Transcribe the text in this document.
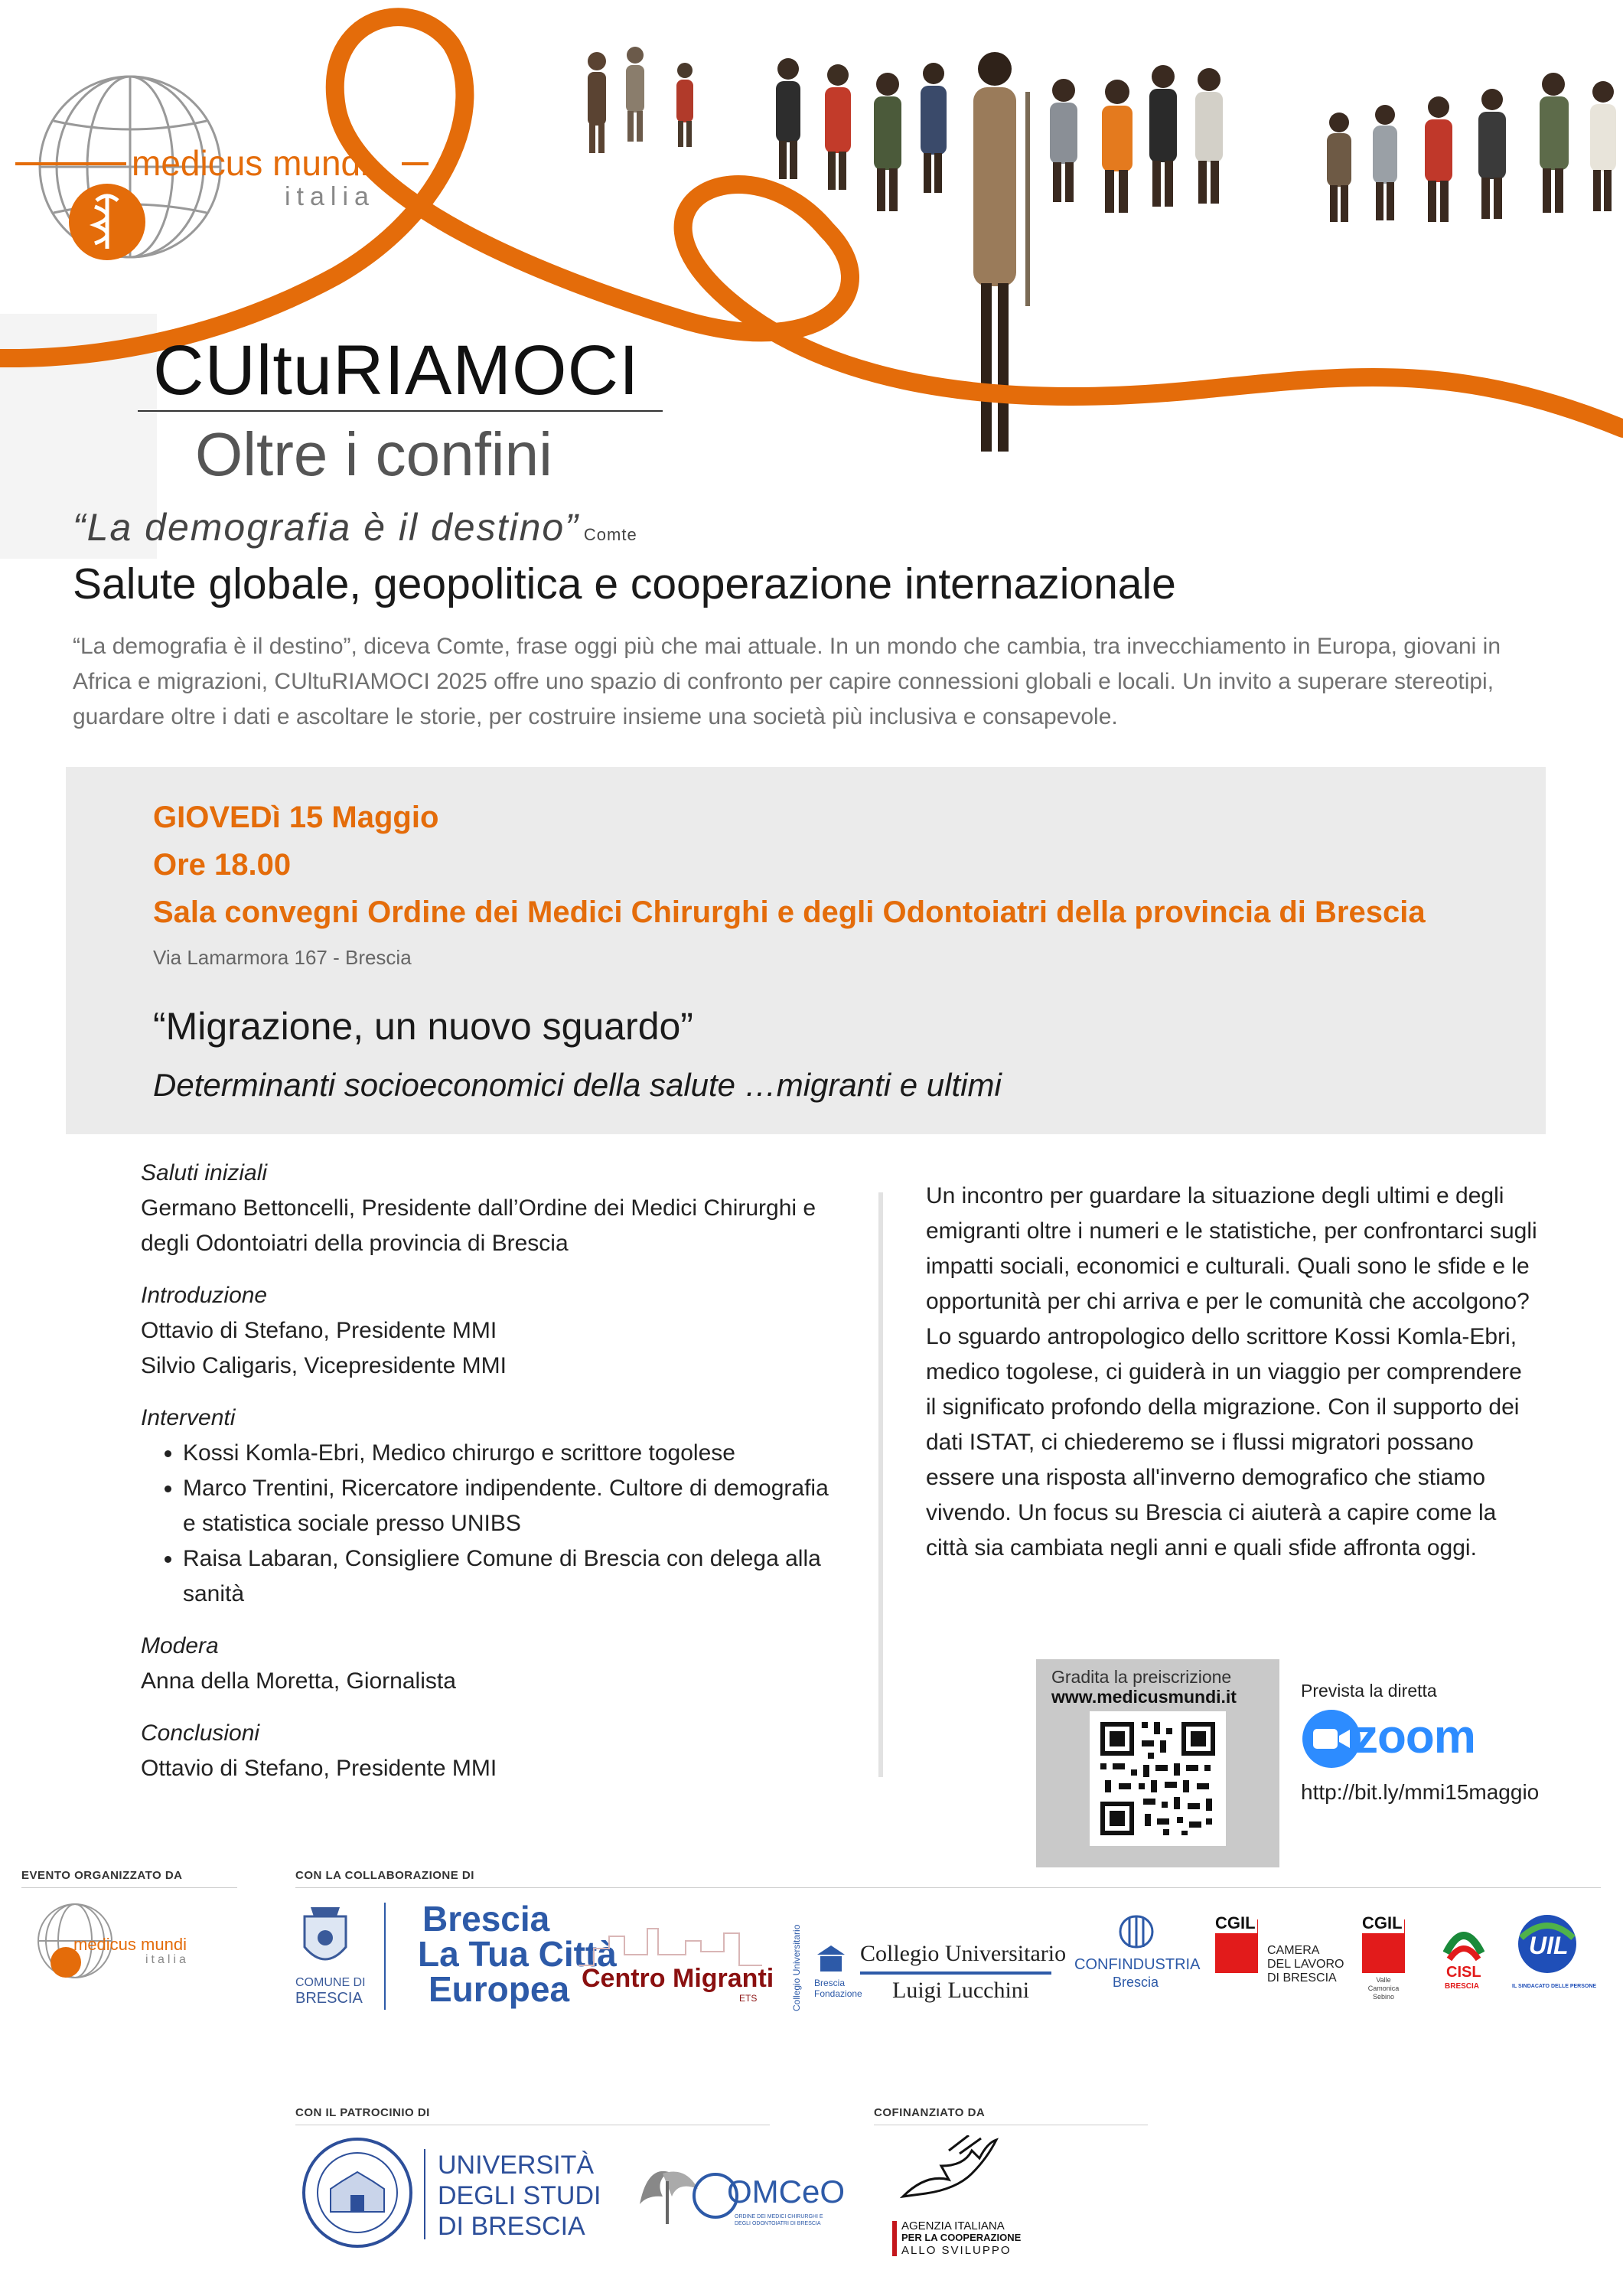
medicus mundi
italia
CUltuRIAMOCI
Oltre i confini
“La demografia è il destino” Comte
Salute globale, geopolitica e cooperazione internazionale
“La demografia è il destino”, diceva Comte, frase oggi più che mai attuale. In un mondo che cambia, tra invecchiamento in Europa, giovani in Africa e migrazioni, CUltuRIAMOCI 2025 offre uno spazio di confronto per capire connessioni globali e locali. Un invito a superare stereotipi, guardare oltre i dati e ascoltare le storie, per costruire insieme una società più inclusiva e consapevole.
GIOVEDì 15 Maggio
Ore 18.00
Sala convegni Ordine dei Medici Chirurghi e degli Odontoiatri della provincia di Brescia
Via Lamarmora 167 - Brescia
“Migrazione, un nuovo sguardo”
Determinanti socioeconomici della salute …migranti e ultimi
Saluti iniziali
Germano Bettoncelli, Presidente dall’Ordine dei Medici Chirurghi e degli Odontoiatri della provincia di Brescia
Introduzione
Ottavio di Stefano, Presidente MMI
Silvio Caligaris, Vicepresidente MMI
Interventi
• Kossi Komla-Ebri, Medico chirurgo e scrittore togolese
• Marco Trentini, Ricercatore indipendente. Cultore di demografia e statistica sociale presso UNIBS
• Raisa Labaran, Consigliere Comune di Brescia con delega alla sanità
Modera
Anna della Moretta, Giornalista
Conclusioni
Ottavio di Stefano, Presidente MMI
Un incontro per guardare la situazione degli ultimi e degli emigranti oltre i numeri e le statistiche, per confrontarci sugli impatti sociali, economici e culturali. Quali sono le sfide e le opportunità per chi arriva e per le comunità che accolgono?
Lo sguardo antropologico dello scrittore Kossi Komla-Ebri, medico togolese, ci guiderà in un viaggio per comprendere il significato profondo della migrazione. Con il supporto dei dati ISTAT, ci chiederemo se i flussi migratori possano essere una risposta all'inverno demografico che stiamo vivendo. Un focus su Brescia ci aiuterà a capire come la città sia cambiata negli anni e quali sfide affronta oggi.
Gradita la preiscrizione
www.medicusmundi.it	Prevista la diretta
zoom
http://bit.ly/mmi15maggio
EVENTO ORGANIZZATO DA	CON LA COLLABORAZIONE DI
medicus mundi
italia
COMUNE DI
BRESCIA
Brescia
La Tua Città
Europea Centro Migranti
ETS	Collegio Universitario Brescia Fondazione
Collegio Universitario
Luigi Lucchini
CONFINDUSTRIA
Brescia
CGIL
CAMERA
DEL LAVORO
DI BRESCIA
CGIL
Valle Camonica Sebino
CISL
BRESCIA
UIL
IL SINDACATO DELLE PERSONE
CON IL PATROCINIO DI	COFINANZIATO DA
UNIVERSITÀ
DEGLI STUDI
DI BRESCIA
OMCeO
ORDINE DEI MEDICI CHIRURGHI E DEGLI ODONTOIATRI DI BRESCIA	AGENZIA ITALIANA
PER LA COOPERAZIONE
ALLO SVILUPPO
